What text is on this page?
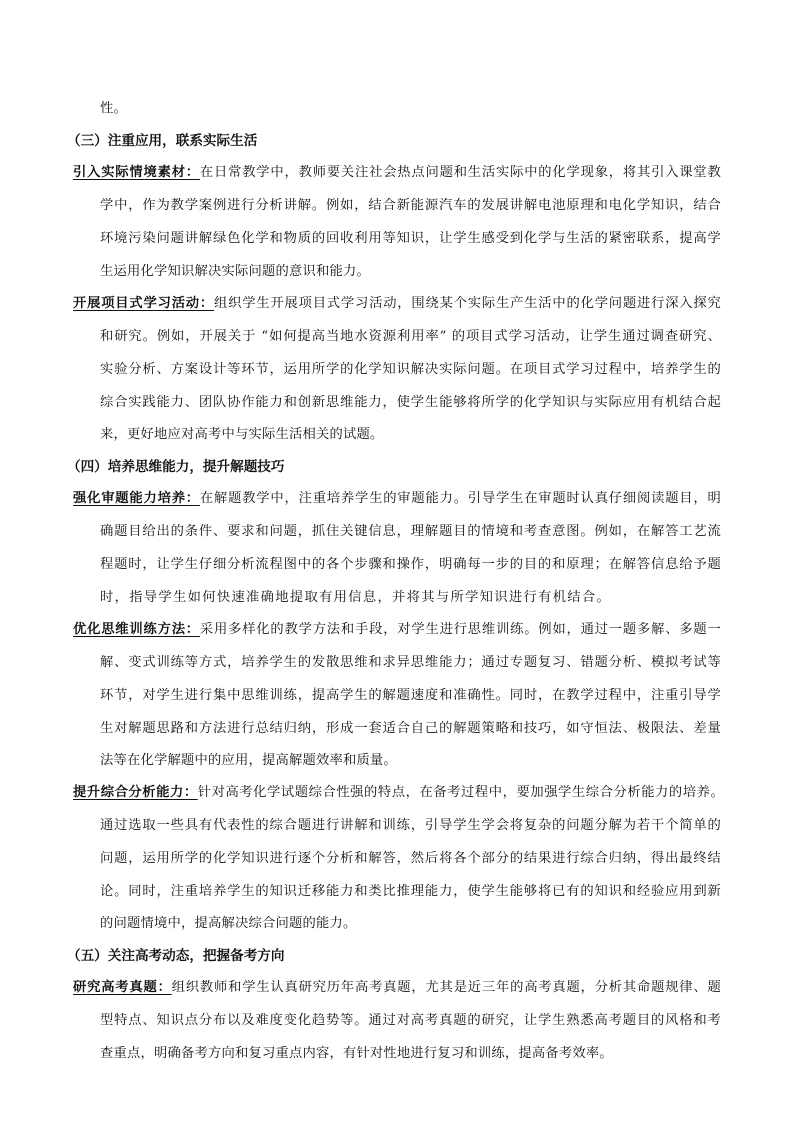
性。
（三）注重应用，联系实际生活
引入实际情境素材：在日常教学中，教师要关注社会热点问题和生活实际中的化学现象，将其引入课堂教
学中，作为教学案例进行分析讲解。例如，结合新能源汽车的发展讲解电池原理和电化学知识，结合
环境污染问题讲解绿色化学和物质的回收利用等知识，让学生感受到化学与生活的紧密联系，提高学
生运用化学知识解决实际问题的意识和能力。
开展项目式学习活动：组织学生开展项目式学习活动，围绕某个实际生产生活中的化学问题进行深入探究
和研究。例如，开展关于 “如何提高当地水资源利用率” 的项目式学习活动，让学生通过调查研究、
实验分析、方案设计等环节，运用所学的化学知识解决实际问题。在项目式学习过程中，培养学生的
综合实践能力、团队协作能力和创新思维能力，使学生能够将所学的化学知识与实际应用有机结合起
来，更好地应对高考中与实际生活相关的试题。
（四）培养思维能力，提升解题技巧
强化审题能力培养：在解题教学中，注重培养学生的审题能力。引导学生在审题时认真仔细阅读题目，明
确题目给出的条件、要求和问题，抓住关键信息，理解题目的情境和考查意图。例如，在解答工艺流
程题时，让学生仔细分析流程图中的各个步骤和操作，明确每一步的目的和原理；在解答信息给予题
时，指导学生如何快速准确地提取有用信息，并将其与所学知识进行有机结合。
优化思维训练方法：采用多样化的教学方法和手段，对学生进行思维训练。例如，通过一题多解、多题一
解、变式训练等方式，培养学生的发散思维和求异思维能力；通过专题复习、错题分析、模拟考试等
环节，对学生进行集中思维训练，提高学生的解题速度和准确性。同时，在教学过程中，注重引导学
生对解题思路和方法进行总结归纳，形成一套适合自己的解题策略和技巧，如守恒法、极限法、差量
法等在化学解题中的应用，提高解题效率和质量。
提升综合分析能力：针对高考化学试题综合性强的特点，在备考过程中，要加强学生综合分析能力的培养。
通过选取一些具有代表性的综合题进行讲解和训练，引导学生学会将复杂的问题分解为若干个简单的
问题，运用所学的化学知识进行逐个分析和解答，然后将各个部分的结果进行综合归纳，得出最终结
论。同时，注重培养学生的知识迁移能力和类比推理能力，使学生能够将已有的知识和经验应用到新
的问题情境中，提高解决综合问题的能力。
（五）关注高考动态，把握备考方向
研究高考真题：组织教师和学生认真研究历年高考真题，尤其是近三年的高考真题，分析其命题规律、题
型特点、知识点分布以及难度变化趋势等。通过对高考真题的研究，让学生熟悉高考题目的风格和考
查重点，明确备考方向和复习重点内容，有针对性地进行复习和训练，提高备考效率。
